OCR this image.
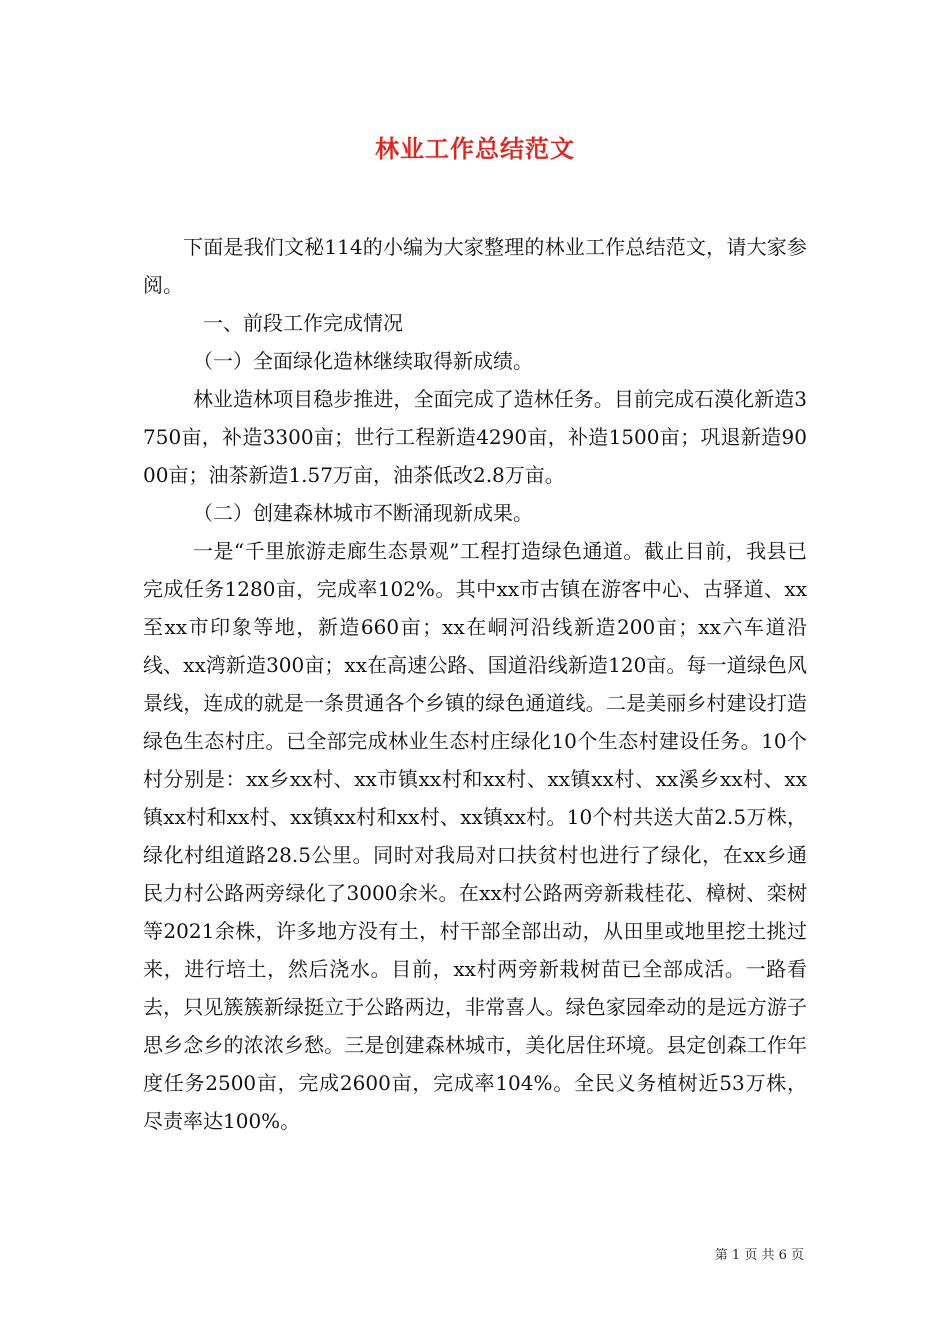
林业工作总结范文

下面是我们文秘114的小编为大家整理的林业工作总结范文，请大家参阅。

一、前段工作完成情况

（一）全面绿化造林继续取得新成绩。

林业造林项目稳步推进，全面完成了造林任务。目前完成石漠化新造3750亩，补造3300亩；世行工程新造4290亩，补造1500亩；巩退新造9000亩；油茶新造1.57万亩，油茶低改2.8万亩。

（二）创建森林城市不断涌现新成果。

一是“千里旅游走廊生态景观”工程打造绿色通道。截止目前，我县已完成任务1280亩，完成率102%。其中xx市古镇在游客中心、古驿道、xx至xx市印象等地，新造660亩；xx在峒河沿线新造200亩；xx六车道沿线、xx湾新造300亩；xx在高速公路、国道沿线新造120亩。每一道绿色风景线，连成的就是一条贯通各个乡镇的绿色通道线。二是美丽乡村建设打造绿色生态村庄。已全部完成林业生态村庄绿化10个生态村建设任务。10个村分别是：xx乡xx村、xx市镇xx村和xx村、xx镇xx村、xx溪乡xx村、xx镇xx村和xx村、xx镇xx村和xx村、xx镇xx村。10个村共送大苗2.5万株，绿化村组道路28.5公里。同时对我局对口扶贫村也进行了绿化，在xx乡通民力村公路两旁绿化了3000余米。在xx村公路两旁新栽桂花、樟树、栾树等2021余株，许多地方没有土，村干部全部出动，从田里或地里挖土挑过来，进行培土，然后浇水。目前，xx村两旁新栽树苗已全部成活。一路看去，只见簇簇新绿挺立于公路两边，非常喜人。绿色家园牵动的是远方游子思乡念乡的浓浓乡愁。三是创建森林城市，美化居住环境。县定创森工作年度任务2500亩，完成2600亩，完成率104%。全民义务植树近53万株，尽责率达100%。

第 1 页 共 6 页
